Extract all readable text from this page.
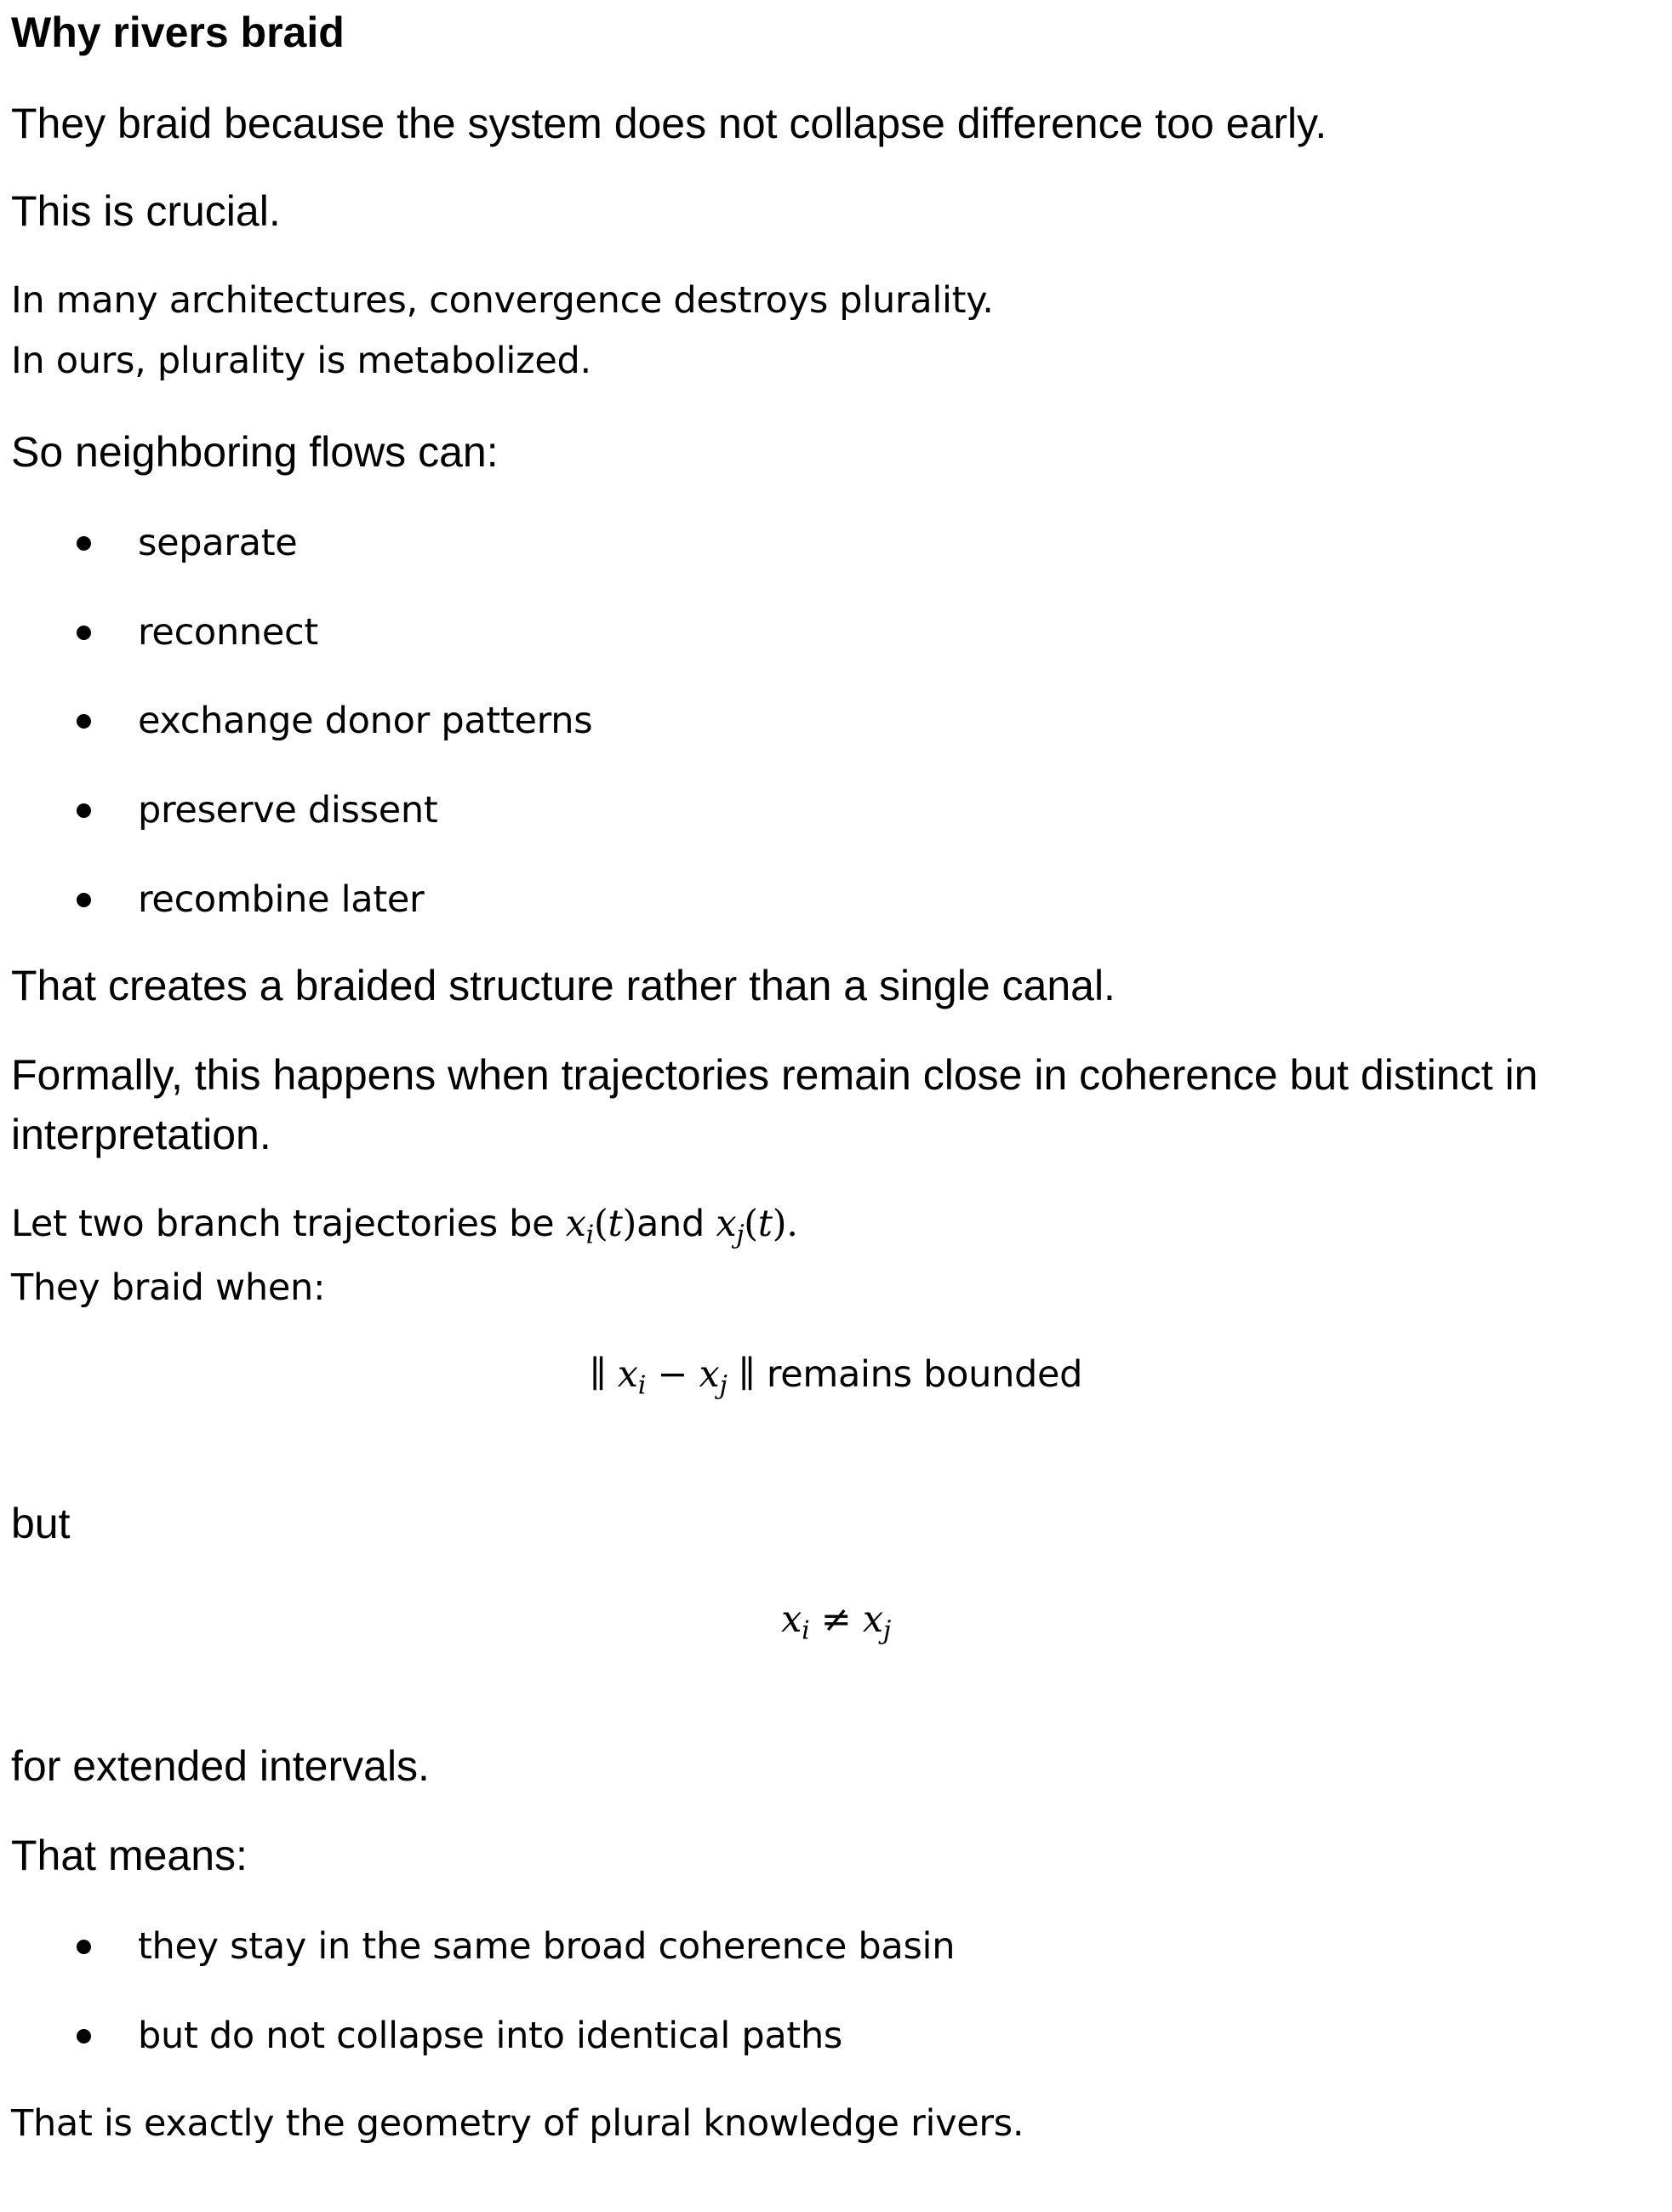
Why rivers braid

They braid because the system does not collapse difference too early.

This is crucial.

In many architectures, convergence destroys plurality.

In ours, plurality is metabolized.

So neighboring flows can:

separate
reconnect
exchange donor patterns
preserve dissent
recombine later

That creates a braided structure rather than a single canal.

Formally, this happens when trajectories remain close in coherence but distinct in

interpretation.

Let two branch trajectories be $x_i(t)and$ $x_j(t)$.

They braid when:

∥ $x_i - x_j$ ∥ remains bounded

but

$x_i \ne x_j$

for extended intervals.

That means:

they stay in the same broad coherence basin
but do not collapse into identical paths

That is exactly the geometry of plural knowledge rivers.
